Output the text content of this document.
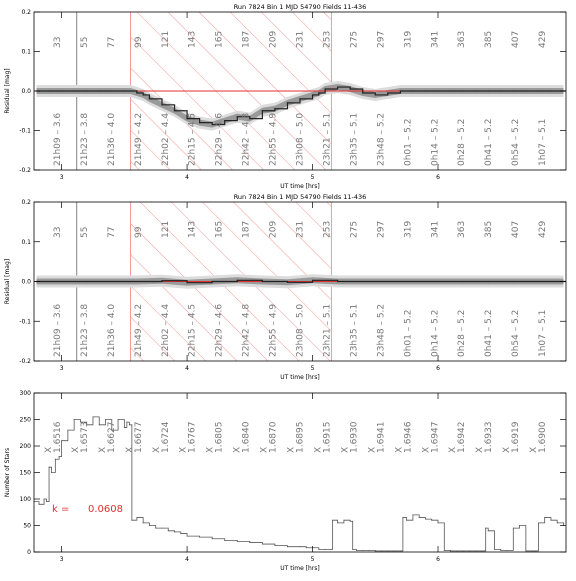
33
21h09 – 3.6
55
21h23 – 3.8
77
21h36 – 4.0
99
21h49 – 4.2
121
22h02 – 4.4
143
22h15 – 4.5
165
22h29 – 4.6
187
22h42 – 4.8
209
22h55 – 4.9
231
23h08 – 5.0
253
23h21 – 5.1
275
23h35 – 5.1
297
23h48 – 5.2
319
0h01 – 5.2
341
0h14 – 5.2
363
0h28 – 5.2
385
0h41 – 5.2
407
0h54 – 5.2
429
1h07 – 5.1
3	4	5	6
0.2
0.1
0.0
-0.1
-0.2
UT time [hrs]
Residual [mag]
Run 7824 Bin 1 MJD 54790 Fields 11-436
33
21h09 – 3.6
55
21h23 – 3.8
77
21h36 – 4.0
99
21h49 – 4.2
121
22h02 – 4.4
143
22h15 – 4.5
165
22h29 – 4.6
187
22h42 – 4.8
209
22h55 – 4.9
231
23h08 – 5.0
253
23h21 – 5.1
275
23h35 – 5.1
297
23h48 – 5.2
319
0h01 – 5.2
341
0h14 – 5.2
363
0h28 – 5.2
385
0h41 – 5.2
407
0h54 – 5.2
429
1h07 – 5.1
3	4	5	6
0.2
0.1
0.0
-0.1
-0.2
UT time [hrs]
Residual [mag]
Run 7824 Bin 1 MJD 54790 Fields 11-436
X 1.6516 X 1.6573 X 1.6627 X 1.6677 X 1.6724 X 1.6767 X 1.6805 X 1.6840 X 1.6870 X 1.6895 X 1.6915 X 1.6930 X 1.6941 X 1.6946 X 1.6947 X 1.6942 X 1.6933 X 1.6919 X 1.6900
k = 0.0608
3	4	5	6
300
250
200
150
100
50
0
UT time [hrs]
Number of Stars
